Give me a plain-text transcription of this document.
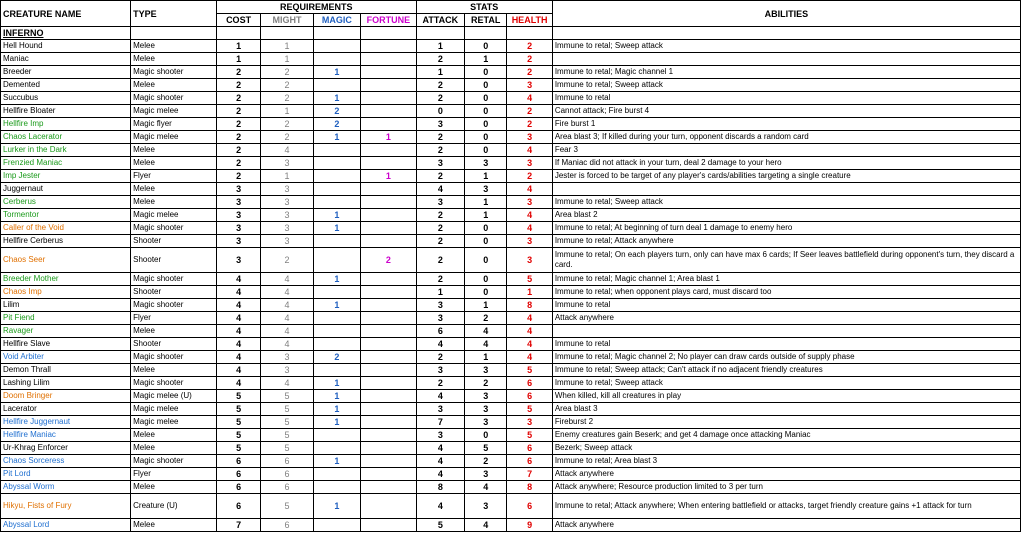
CREATURE NAME	TYPE	REQUIREMENTS				STATS			ABILITIES
		COST	MIGHT	MAGIC	FORTUNE	ATTACK	RETAL	HEALTH	
INFERNO									
Hell Hound	Melee	1	1			1	0	2	Immune to retal; Sweep attack
Maniac	Melee	1	1			2	1	2	
Breeder	Magic shooter	2	2	1		1	0	2	Immune to retal; Magic channel 1
Demented	Melee	2	2			2	0	3	Immune to retal; Sweep attack
Succubus	Magic shooter	2	2	1		2	0	4	Immune to retal
Hellfire Bloater	Magic melee	2	1	2		0	0	2	Cannot attack; Fire burst 4
Hellfire Imp	Magic flyer	2	2	2		3	0	2	Fire burst 1
Chaos Lacerator	Magic melee	2	2	1	1	2	0	3	Area blast 3; If killed during your turn, opponent discards a random card
Lurker in the Dark	Melee	2	4			2	0	4	Fear 3
Frenzied Maniac	Melee	2	3			3	3	3	If Maniac did not attack in your turn, deal 2 damage to your hero
Imp Jester	Flyer	2	1		1	2	1	2	Jester is forced to be target of any player's cards/abilities targeting a single creature
Juggernaut	Melee	3	3			4	3	4	
Cerberus	Melee	3	3			3	1	3	Immune to retal; Sweep attack
Tormentor	Magic melee	3	3	1		2	1	4	Area blast 2
Caller of the Void	Magic shooter	3	3	1		2	0	4	Immune to retal; At beginning of turn deal 1 damage to enemy hero
Hellfire Cerberus	Shooter	3	3			2	0	3	Immune to retal; Attack anywhere
Chaos Seer	Shooter	3	2		2	2	0	3	Immune to retal; On each players turn, only can have max 6 cards; If Seer leaves battlefield during opponent's turn, they discard a card.
Breeder Mother	Magic shooter	4	4	1		2	0	5	Immune to retal; Magic channel 1; Area blast 1
Chaos Imp	Shooter	4	4			1	0	1	Immune to retal; when opponent plays card, must discard too
Lilim	Magic shooter	4	4	1		3	1	8	Immune to retal
Pit Fiend	Flyer	4	4			3	2	4	Attack anywhere
Ravager	Melee	4	4			6	4	4	
Hellfire Slave	Shooter	4	4			4	4	4	Immune to retal
Void Arbiter	Magic shooter	4	3	2		2	1	4	Immune to retal; Magic channel 2; No player can draw cards outside of supply phase
Demon Thrall	Melee	4	3			3	3	5	Immune to retal; Sweep attack; Can't attack if no adjacent friendly creatures
Lashing Lilim	Magic shooter	4	4	1		2	2	6	Immune to retal; Sweep attack
Doom Bringer	Magic melee (U)	5	5	1		4	3	6	When killed, kill all creatures in play
Lacerator	Magic melee	5	5	1		3	3	5	Area blast 3
Hellfire Juggernaut	Magic melee	5	5	1		7	3	3	Fireburst 2
Hellfire Maniac	Melee	5	5			3	0	5	Enemy creatures gain Beserk; and get 4 damage once attacking Maniac
Ur-Khrag Enforcer	Melee	5	5			4	5	6	Bezerk; Sweep attack
Chaos Sorceress	Magic shooter	6	6	1		4	2	6	Immune to retal; Area blast 3
Pit Lord	Flyer	6	6			4	3	7	Attack anywhere
Abyssal Worm	Melee	6	6			8	4	8	Attack anywhere; Resource production limited to 3 per turn
Hikyu, Fists of Fury	Creature (U)	6	5	1		4	3	6	Immune to retal; Attack anywhere; When entering battlefield or attacks, target friendly creature gains +1 attack for turn
Abyssal Lord	Melee	7	6			5	4	9	Attack anywhere
